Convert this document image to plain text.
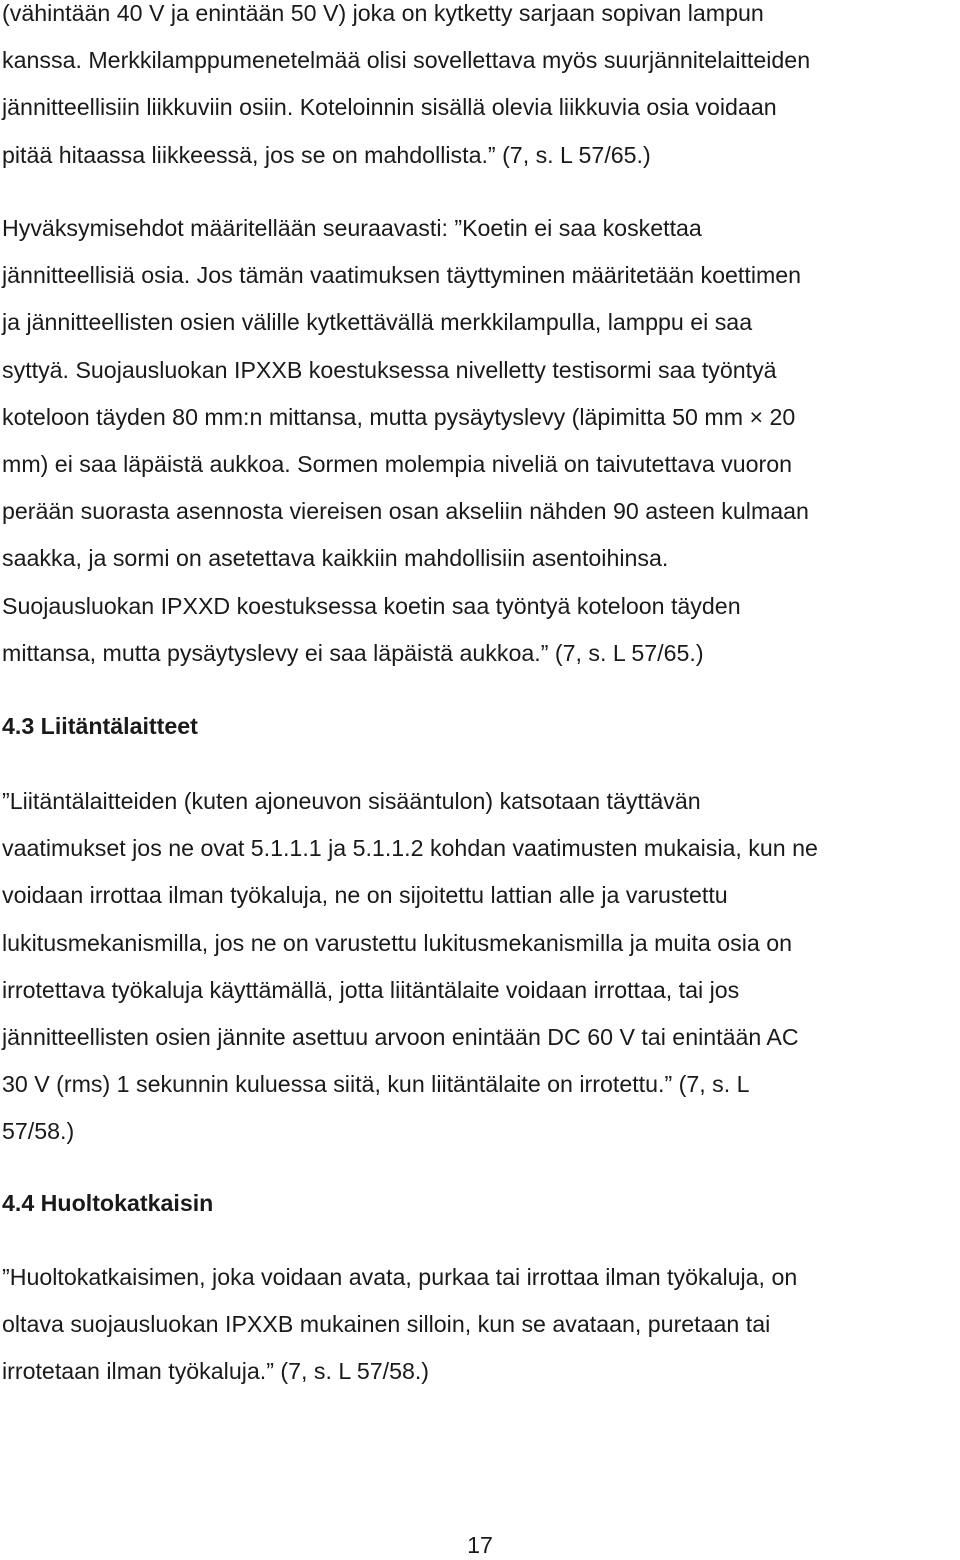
(vähintään 40 V ja enintään 50 V) joka on kytketty sarjaan sopivan lampun
kanssa. Merkkilamppumenetelmää olisi sovellettava myös suurjännitelaitteiden
jännitteellisiin liikkuviin osiin. Koteloinnin sisällä olevia liikkuvia osia voidaan
pitää hitaassa liikkeessä, jos se on mahdollista.” (7, s. L 57/65.)
Hyväksymisehdot määritellään seuraavasti: ”Koetin ei saa koskettaa
jännitteellisiä osia. Jos tämän vaatimuksen täyttyminen määritetään koettimen
ja jännitteellisten osien välille kytkettävällä merkkilampulla, lamppu ei saa
syttyä. Suojausluokan IPXXB koestuksessa nivelletty testisormi saa työntyä
koteloon täyden 80 mm:n mittansa, mutta pysäytyslevy (läpimitta 50 mm × 20
mm) ei saa läpäistä aukkoa. Sormen molempia niveliä on taivutettava vuoron
perään suorasta asennosta viereisen osan akseliin nähden 90 asteen kulmaan
saakka, ja sormi on asetettava kaikkiin mahdollisiin asentoihinsa.
Suojausluokan IPXXD koestuksessa koetin saa työntyä koteloon täyden
mittansa, mutta pysäytyslevy ei saa läpäistä aukkoa.” (7, s. L 57/65.)
4.3 Liitäntälaitteet
”Liitäntälaitteiden (kuten ajoneuvon sisääntulon) katsotaan täyttävän
vaatimukset jos ne ovat 5.1.1.1 ja 5.1.1.2 kohdan vaatimusten mukaisia, kun ne
voidaan irrottaa ilman työkaluja, ne on sijoitettu lattian alle ja varustettu
lukitusmekanismilla, jos ne on varustettu lukitusmekanismilla ja muita osia on
irrotettava työkaluja käyttämällä, jotta liitäntälaite voidaan irrottaa, tai jos
jännitteellisten osien jännite asettuu arvoon enintään DC 60 V tai enintään AC
30 V (rms) 1 sekunnin kuluessa siitä, kun liitäntälaite on irrotettu.” (7, s. L
57/58.)
4.4 Huoltokatkaisin
”Huoltokatkaisimen, joka voidaan avata, purkaa tai irrottaa ilman työkaluja, on
oltava suojausluokan IPXXB mukainen silloin, kun se avataan, puretaan tai
irrotetaan ilman työkaluja.” (7, s. L 57/58.)
17
